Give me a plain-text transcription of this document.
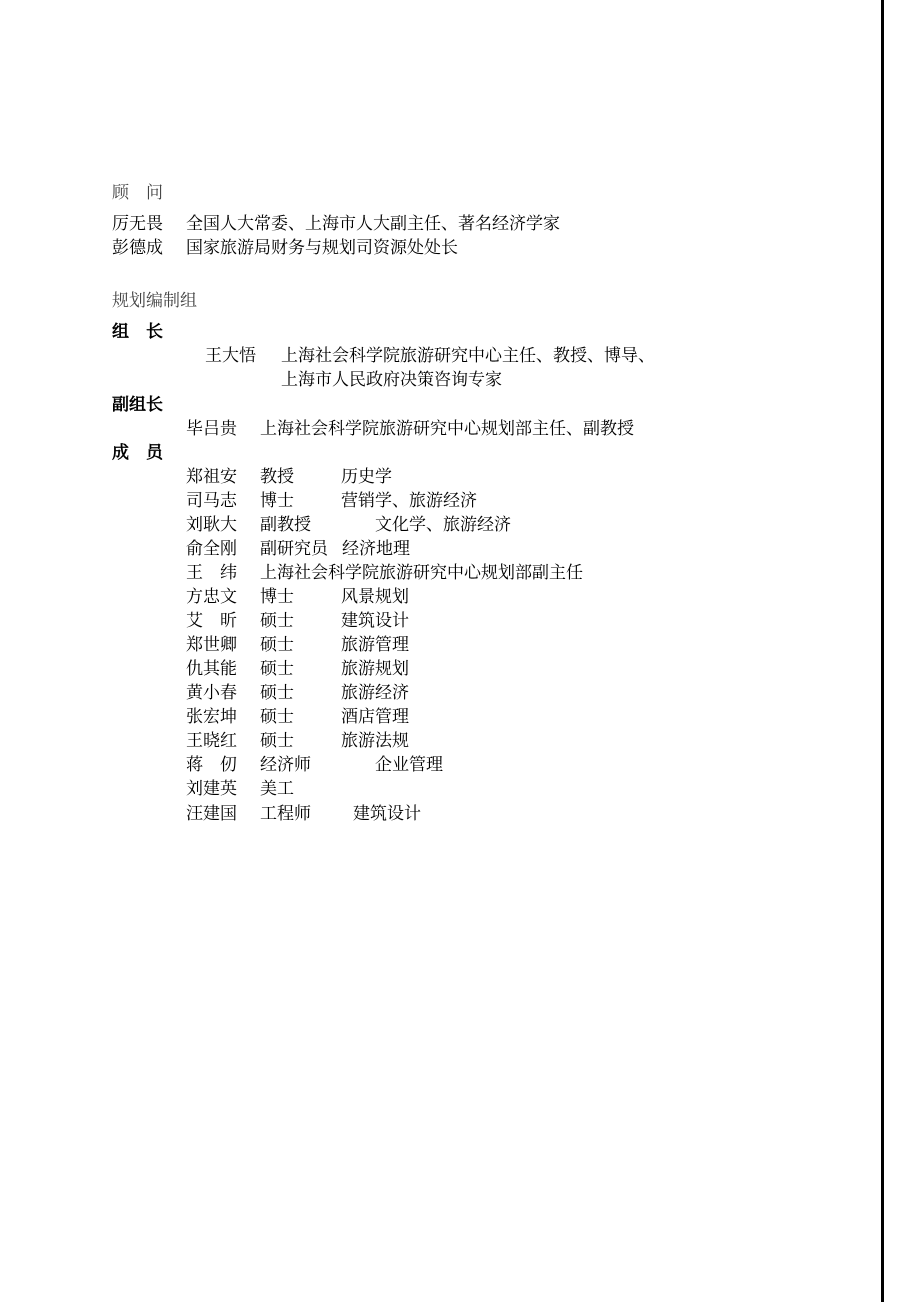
顾　问
厉无畏 全国人大常委、上海市人大副主任、著名经济学家
彭德成 国家旅游局财务与规划司资源处处长
规划编制组
组　长
王大悟 上海社会科学院旅游研究中心主任、教授、博导、
上海市人民政府决策咨询专家
副组长
毕吕贵 上海社会科学院旅游研究中心规划部主任、副教授
成　员
郑祖安 教授	历史学
司马志 博士	营销学、旅游经济
刘耿大 副教授	文化学、旅游经济
俞全刚 副研究员 经济地理
王　纬 上海社会科学院旅游研究中心规划部副主任
方忠文 博士	风景规划
艾　昕 硕士	建筑设计
郑世卿 硕士	旅游管理
仇其能 硕士	旅游规划
黄小春 硕士	旅游经济
张宏坤 硕士	酒店管理
王晓红 硕士	旅游法规
蒋　仞 经济师	企业管理
刘建英 美工
汪建国 工程师 建筑设计
